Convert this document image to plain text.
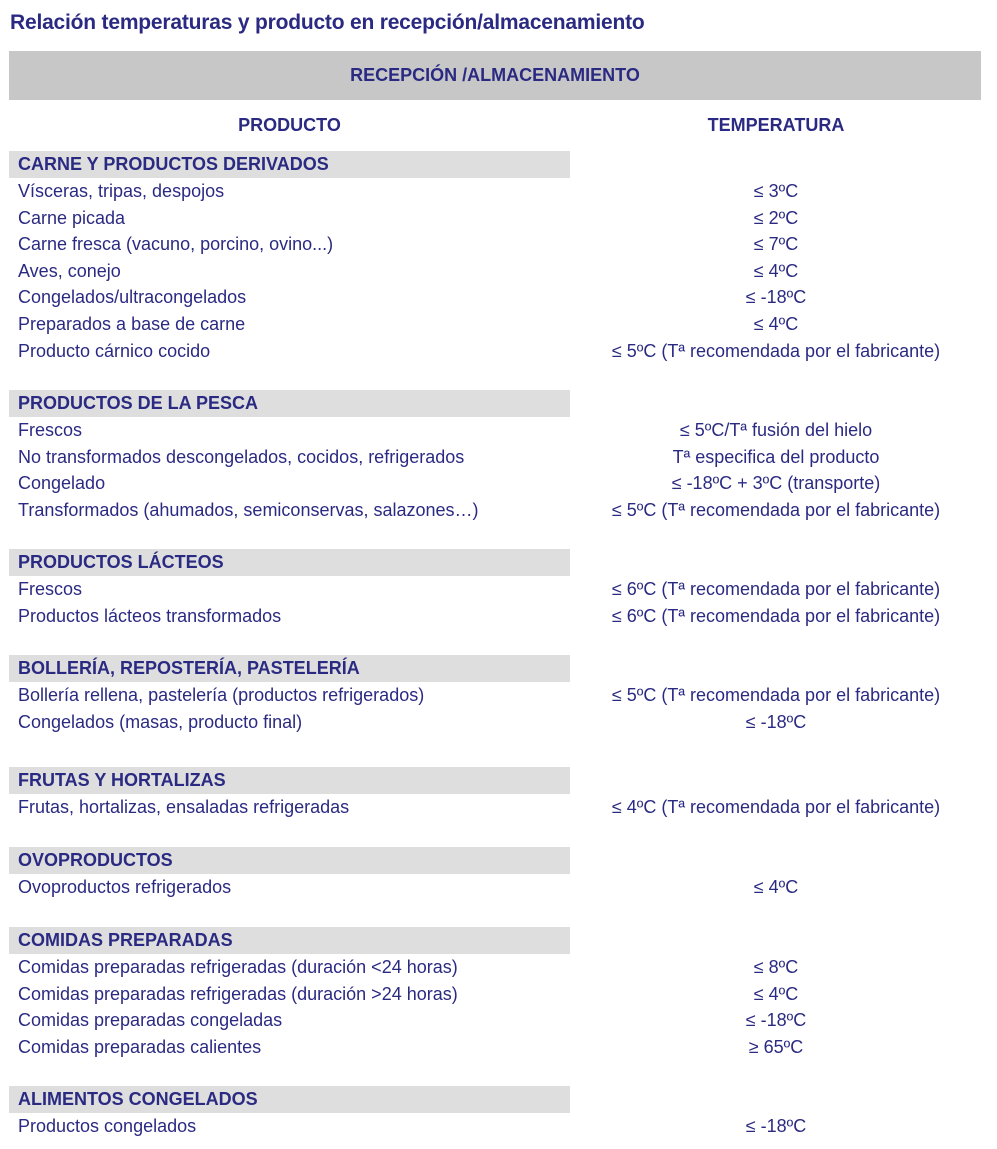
Relación temperaturas y producto en recepción/almacenamiento
RECEPCIÓN /ALMACENAMIENTO
PRODUCTO	TEMPERATURA
CARNE Y PRODUCTOS DERIVADOS
Vísceras, tripas, despojos	≤ 3ºC
Carne picada	≤ 2ºC
Carne fresca (vacuno, porcino, ovino...)	≤ 7ºC
Aves, conejo	≤ 4ºC
Congelados/ultracongelados	≤ -18ºC
Preparados a base de carne	≤ 4ºC
Producto cárnico cocido	≤ 5ºC (Tª recomendada por el fabricante)
PRODUCTOS DE LA PESCA
Frescos	≤ 5ºC/Tª fusión del hielo
No transformados descongelados, cocidos, refrigerados	Tª especifica del producto
Congelado	≤ -18ºC + 3ºC (transporte)
Transformados (ahumados, semiconservas, salazones…)	≤ 5ºC (Tª recomendada por el fabricante)
PRODUCTOS LÁCTEOS
Frescos	≤ 6ºC (Tª recomendada por el fabricante)
Productos lácteos transformados	≤ 6ºC (Tª recomendada por el fabricante)
BOLLERÍA, REPOSTERÍA, PASTELERÍA
Bollería rellena, pastelería (productos refrigerados)	≤ 5ºC (Tª recomendada por el fabricante)
Congelados (masas, producto final)	≤ -18ºC
FRUTAS Y HORTALIZAS
Frutas, hortalizas, ensaladas refrigeradas	≤ 4ºC (Tª recomendada por el fabricante)
OVOPRODUCTOS
Ovoproductos refrigerados	≤ 4ºC
COMIDAS PREPARADAS
Comidas preparadas refrigeradas (duración <24 horas)	≤ 8ºC
Comidas preparadas refrigeradas (duración >24 horas)	≤ 4ºC
Comidas preparadas congeladas	≤ -18ºC
Comidas preparadas calientes	≥ 65ºC
ALIMENTOS CONGELADOS
Productos congelados	≤ -18ºC
